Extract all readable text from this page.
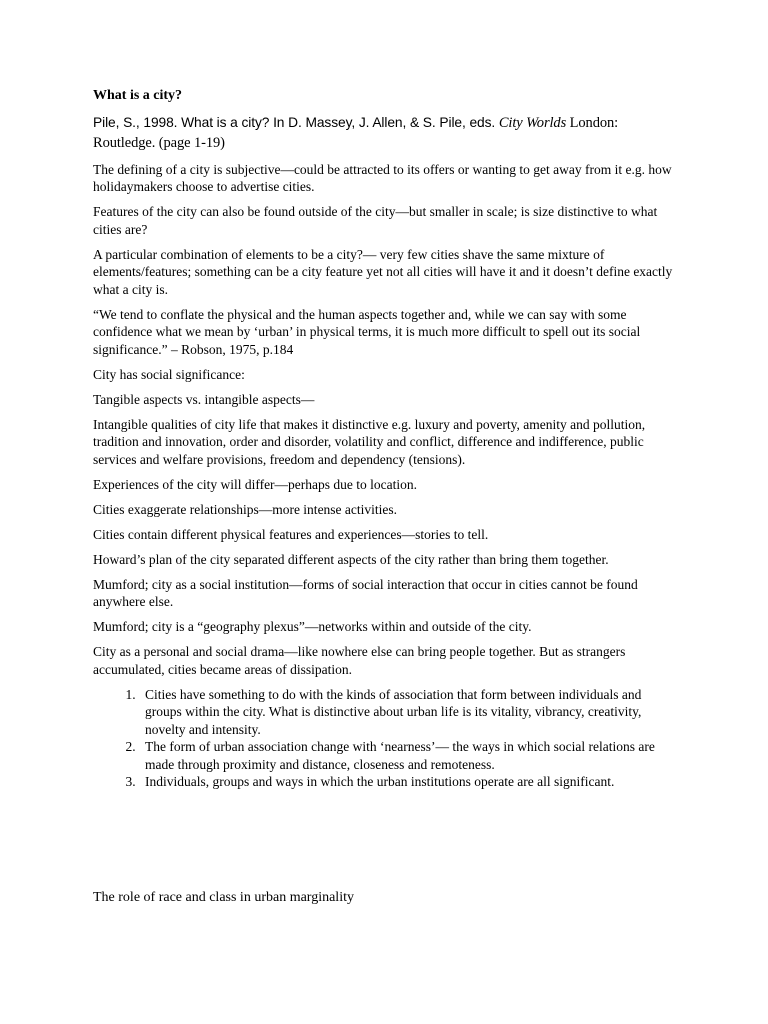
What is a city?
Pile, S., 1998. What is a city? In D. Massey, J. Allen, & S. Pile, eds. City Worlds London: Routledge. (page 1-19)

The defining of a city is subjective—could be attracted to its offers or wanting to get away from it e.g. how holidaymakers choose to advertise cities.

Features of the city can also be found outside of the city—but smaller in scale; is size distinctive to what cities are?

A particular combination of elements to be a city?— very few cities shave the same mixture of elements/features; something can be a city feature yet not all cities will have it and it doesn’t define exactly what a city is.

“We tend to conflate the physical and the human aspects together and, while we can say with some confidence what we mean by ‘urban’ in physical terms, it is much more difficult to spell out its social significance.” – Robson, 1975, p.184

City has social significance:

Tangible aspects vs. intangible aspects—

Intangible qualities of city life that makes it distinctive e.g. luxury and poverty, amenity and pollution, tradition and innovation, order and disorder, volatility and conflict, difference and indifference, public services and welfare provisions, freedom and dependency (tensions).

Experiences of the city will differ—perhaps due to location.

Cities exaggerate relationships—more intense activities.

Cities contain different physical features and experiences—stories to tell.

Howard’s plan of the city separated different aspects of the city rather than bring them together.

Mumford; city as a social institution—forms of social interaction that occur in cities cannot be found anywhere else.

Mumford; city is a “geography plexus”—networks within and outside of the city.

City as a personal and social drama—like nowhere else can bring people together. But as strangers accumulated, cities became areas of dissipation.

1. Cities have something to do with the kinds of association that form between individuals and groups within the city. What is distinctive about urban life is its vitality, vibrancy, creativity, novelty and intensity.
2. The form of urban association change with ‘nearness’— the ways in which social relations are made through proximity and distance, closeness and remoteness.
3. Individuals, groups and ways in which the urban institutions operate are all significant.
The role of race and class in urban marginality
